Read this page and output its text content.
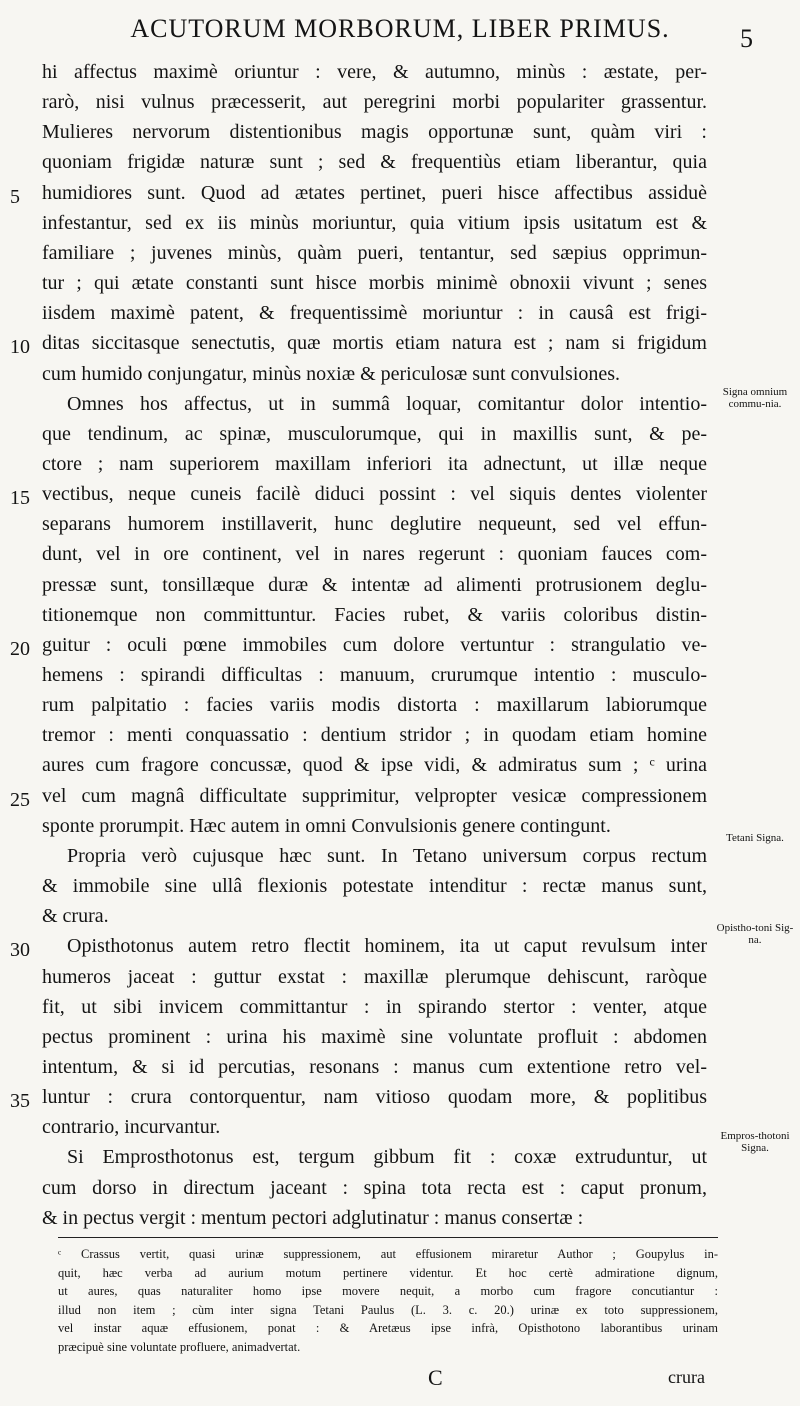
ACUTORUM MORBORUM, LIBER PRIMUS.	5
hi affectus maximè oriuntur : vere, & autumno, minùs : æstate, per-
rarò, nisi vulnus præcesserit, aut peregrini morbi populariter grassentur.
Mulieres nervorum distentionibus magis opportunæ sunt, quàm viri :
quoniam frigidæ naturæ sunt ; sed & frequentiùs etiam liberantur, quia
humidiores sunt. Quod ad ætates pertinet, pueri hisce affectibus assiduè
infestantur, sed ex iis minùs moriuntur, quia vitium ipsis usitatum est &
familiare ; juvenes minùs, quàm pueri, tentantur, sed sæpius opprimun-
tur ; qui ætate constanti sunt hisce morbis minimè obnoxii vivunt ; senes
iisdem maximè patent, & frequentissimè moriuntur : in causâ est frigi-
ditas siccitasque senectutis, quæ mortis etiam natura est ; nam si frigidum
cum humido conjungatur, minùs noxiæ & periculosæ sunt convulsiones.
Omnes hos affectus, ut in summâ loquar, comitantur dolor intentio-
que tendinum, ac spinæ, musculorumque, qui in maxillis sunt, & pe-
ctore ; nam superiorem maxillam inferiori ita adnectunt, ut illæ neque
vectibus, neque cuneis facilè diduci possint : vel siquis dentes violenter
separans humorem instillaverit, hunc deglutire nequeunt, sed vel effun-
dunt, vel in ore continent, vel in nares regerunt : quoniam fauces com-
pressæ sunt, tonsillæque duræ & intentæ ad alimenti protrusionem deglu-
titionemque non committuntur. Facies rubet, & variis coloribus distin-
guitur : oculi pœne immobiles cum dolore vertuntur : strangulatio ve-
hemens : spirandi difficultas : manuum, crurumque intentio : musculo-
rum palpitatio : facies variis modis distorta : maxillarum labiorumque
tremor : menti conquassatio : dentium stridor ; in quodam etiam homine
aures cum fragore concussæ, quod & ipse vidi, & admiratus sum ; ᶜ urina
vel cum magnâ difficultate supprimitur, velpropter vesicæ compressionem
sponte prorumpit. Hæc autem in omni Convulsionis genere contingunt.
Propria verò cujusque hæc sunt. In Tetano universum corpus rectum
& immobile sine ullâ flexionis potestate intenditur : rectæ manus sunt,
& crura.
Opisthotonus autem retro flectit hominem, ita ut caput revulsum inter
humeros jaceat : guttur exstat : maxillæ plerumque dehiscunt, raròque
fit, ut sibi invicem committantur : in spirando stertor : venter, atque
pectus prominent : urina his maximè sine voluntate profluit : abdomen
intentum, & si id percutias, resonans : manus cum extentione retro vel-
luntur : crura contorquentur, nam vitioso quodam more, & poplitibus
contrario, incurvantur.
Si Emprosthotonus est, tergum gibbum fit : coxæ extruduntur, ut
cum dorso in directum jaceant : spina tota recta est : caput pronum,
& in pectus vergit : mentum pectori adglutinatur : manus consertæ :
5
10
15
20
25
30
35
Signa omnium commu-nia.
Tetani Signa.
Opistho-toni Sig-na.
Empros-thotoni Signa.
ᶜ Crassus vertit, quasi urinæ suppressionem, aut effusionem miraretur Author ; Goupylus in-
quit, hæc verba ad aurium motum pertinere videntur. Et hoc certè admiratione dignum,
ut aures, quas naturaliter homo ipse movere nequit, a morbo cum fragore concutiantur :
illud non item ; cùm inter signa Tetani Paulus (L. 3. c. 20.) urinæ ex toto suppressionem,
vel instar aquæ effusionem, ponat : & Aretæus ipse infrà, Opisthotono laborantibus urinam
præcipuè sine voluntate profluere, animadvertat.
C	crura
